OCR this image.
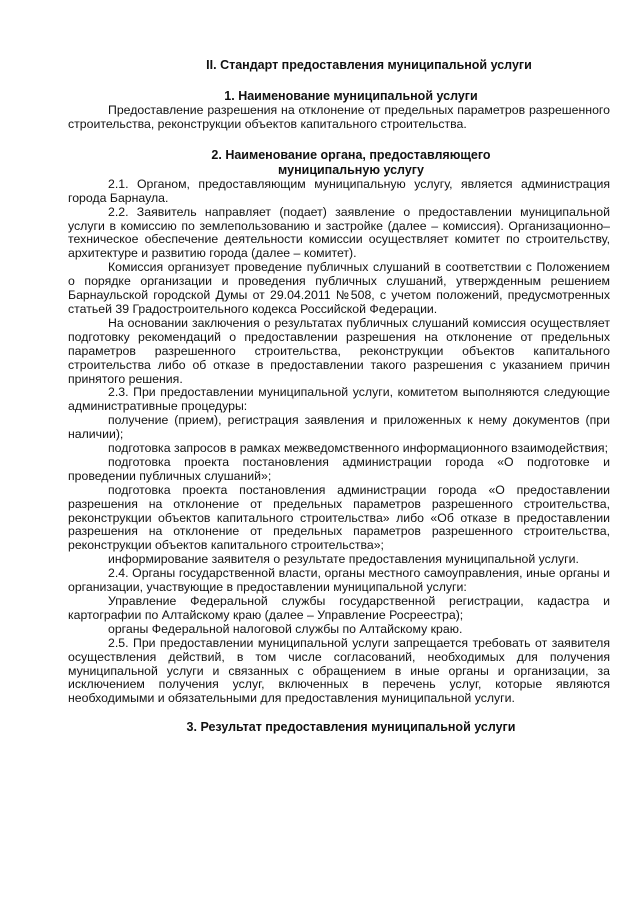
II. Стандарт предоставления муниципальной услуги
1. Наименование муниципальной услуги

Предоставление разрешения на отклонение от предельных параметров разрешенного строительства, реконструкции объектов капитального строительства.

2. Наименование органа, предоставляющего
муниципальную услугу

2.1. Органом, предоставляющим муниципальную услугу, является администрация города Барнаула.

2.2. Заявитель направляет (подает) заявление о предоставлении муниципальной услуги в комиссию по землепользованию и застройке (далее – комиссия). Организационно– техническое обеспечение деятельности комиссии осуществляет комитет по строительству, архитектуре и развитию города (далее – комитет).

Комиссия организует проведение публичных слушаний в соответствии с Положением о порядке организации и проведения публичных слушаний, утвержденным решением Барнаульской городской Думы от 29.04.2011 №508, с учетом положений, предусмотренных статьей 39 Градостроительного кодекса Российской Федерации.

На основании заключения о результатах публичных слушаний комиссия осуществляет подготовку рекомендаций о предоставлении разрешения на отклонение от предельных параметров разрешенного строительства, реконструкции объектов капитального строительства либо об отказе в предоставлении такого разрешения с указанием причин принятого решения.

2.3. При предоставлении муниципальной услуги, комитетом выполняются следующие административные процедуры:

получение (прием), регистрация заявления и приложенных к нему документов (при наличии);

подготовка запросов в рамках межведомственного информационного взаимодействия;

подготовка проекта постановления администрации города «О подготовке и проведении публичных слушаний»;

подготовка проекта постановления администрации города «О предоставлении разрешения на отклонение от предельных параметров разрешенного строительства, реконструкции объектов капитального строительства» либо «Об отказе в предоставлении разрешения на отклонение от предельных параметров разрешенного строительства, реконструкции объектов капитального строительства»;

информирование заявителя о результате предоставления муниципальной услуги.

2.4. Органы государственной власти, органы местного самоуправления, иные органы и организации, участвующие в предоставлении муниципальной услуги:

Управление Федеральной службы государственной регистрации, кадастра и картографии по Алтайскому краю (далее – Управление Росреестра);

органы Федеральной налоговой службы по Алтайскому краю.

2.5. При предоставлении муниципальной услуги запрещается требовать от заявителя осуществления действий, в том числе согласований, необходимых для получения муниципальной услуги и связанных с обращением в иные органы и организации, за исключением получения услуг, включенных в перечень услуг, которые являются необходимыми и обязательными для предоставления муниципальной услуги.

3. Результат предоставления муниципальной услуги
